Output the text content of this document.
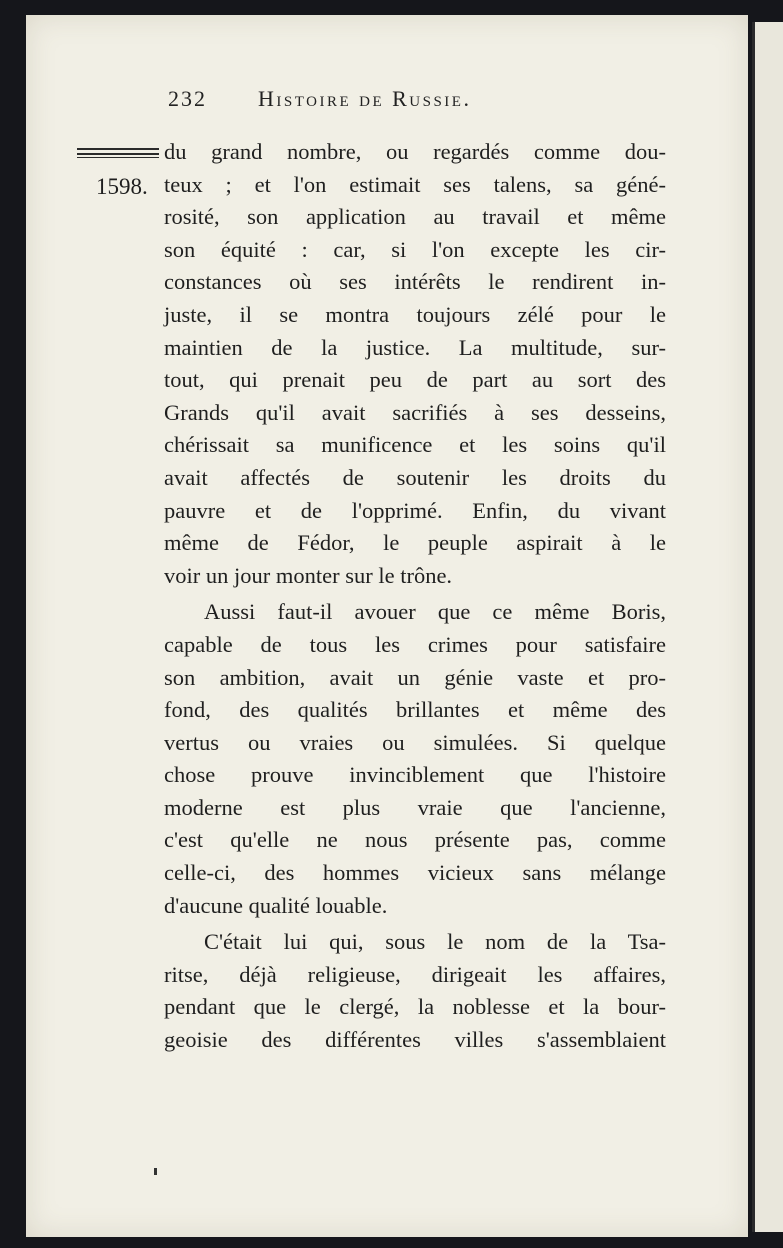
232 Histoire de Russie.
1598.
du grand nombre, ou regardés comme dou-
teux ; et l'on estimait ses talens, sa géné-
rosité, son application au travail et même
son équité : car, si l'on excepte les cir-
constances où ses intérêts le rendirent in-
juste, il se montra toujours zélé pour le
maintien de la justice. La multitude, sur-
tout, qui prenait peu de part au sort des
Grands qu'il avait sacrifiés à ses desseins,
chérissait sa munificence et les soins qu'il
avait affectés de soutenir les droits du
pauvre et de l'opprimé. Enfin, du vivant
même de Fédor, le peuple aspirait à le
voir un jour monter sur le trône.
Aussi faut-il avouer que ce même Boris,
capable de tous les crimes pour satisfaire
son ambition, avait un génie vaste et pro-
fond, des qualités brillantes et même des
vertus ou vraies ou simulées. Si quelque
chose prouve invinciblement que l'histoire
moderne est plus vraie que l'ancienne,
c'est qu'elle ne nous présente pas, comme
celle-ci, des hommes vicieux sans mélange
d'aucune qualité louable.
C'était lui qui, sous le nom de la Tsa-
ritse, déjà religieuse, dirigeait les affaires,
pendant que le clergé, la noblesse et la bour-
geoisie des différentes villes s'assemblaient
